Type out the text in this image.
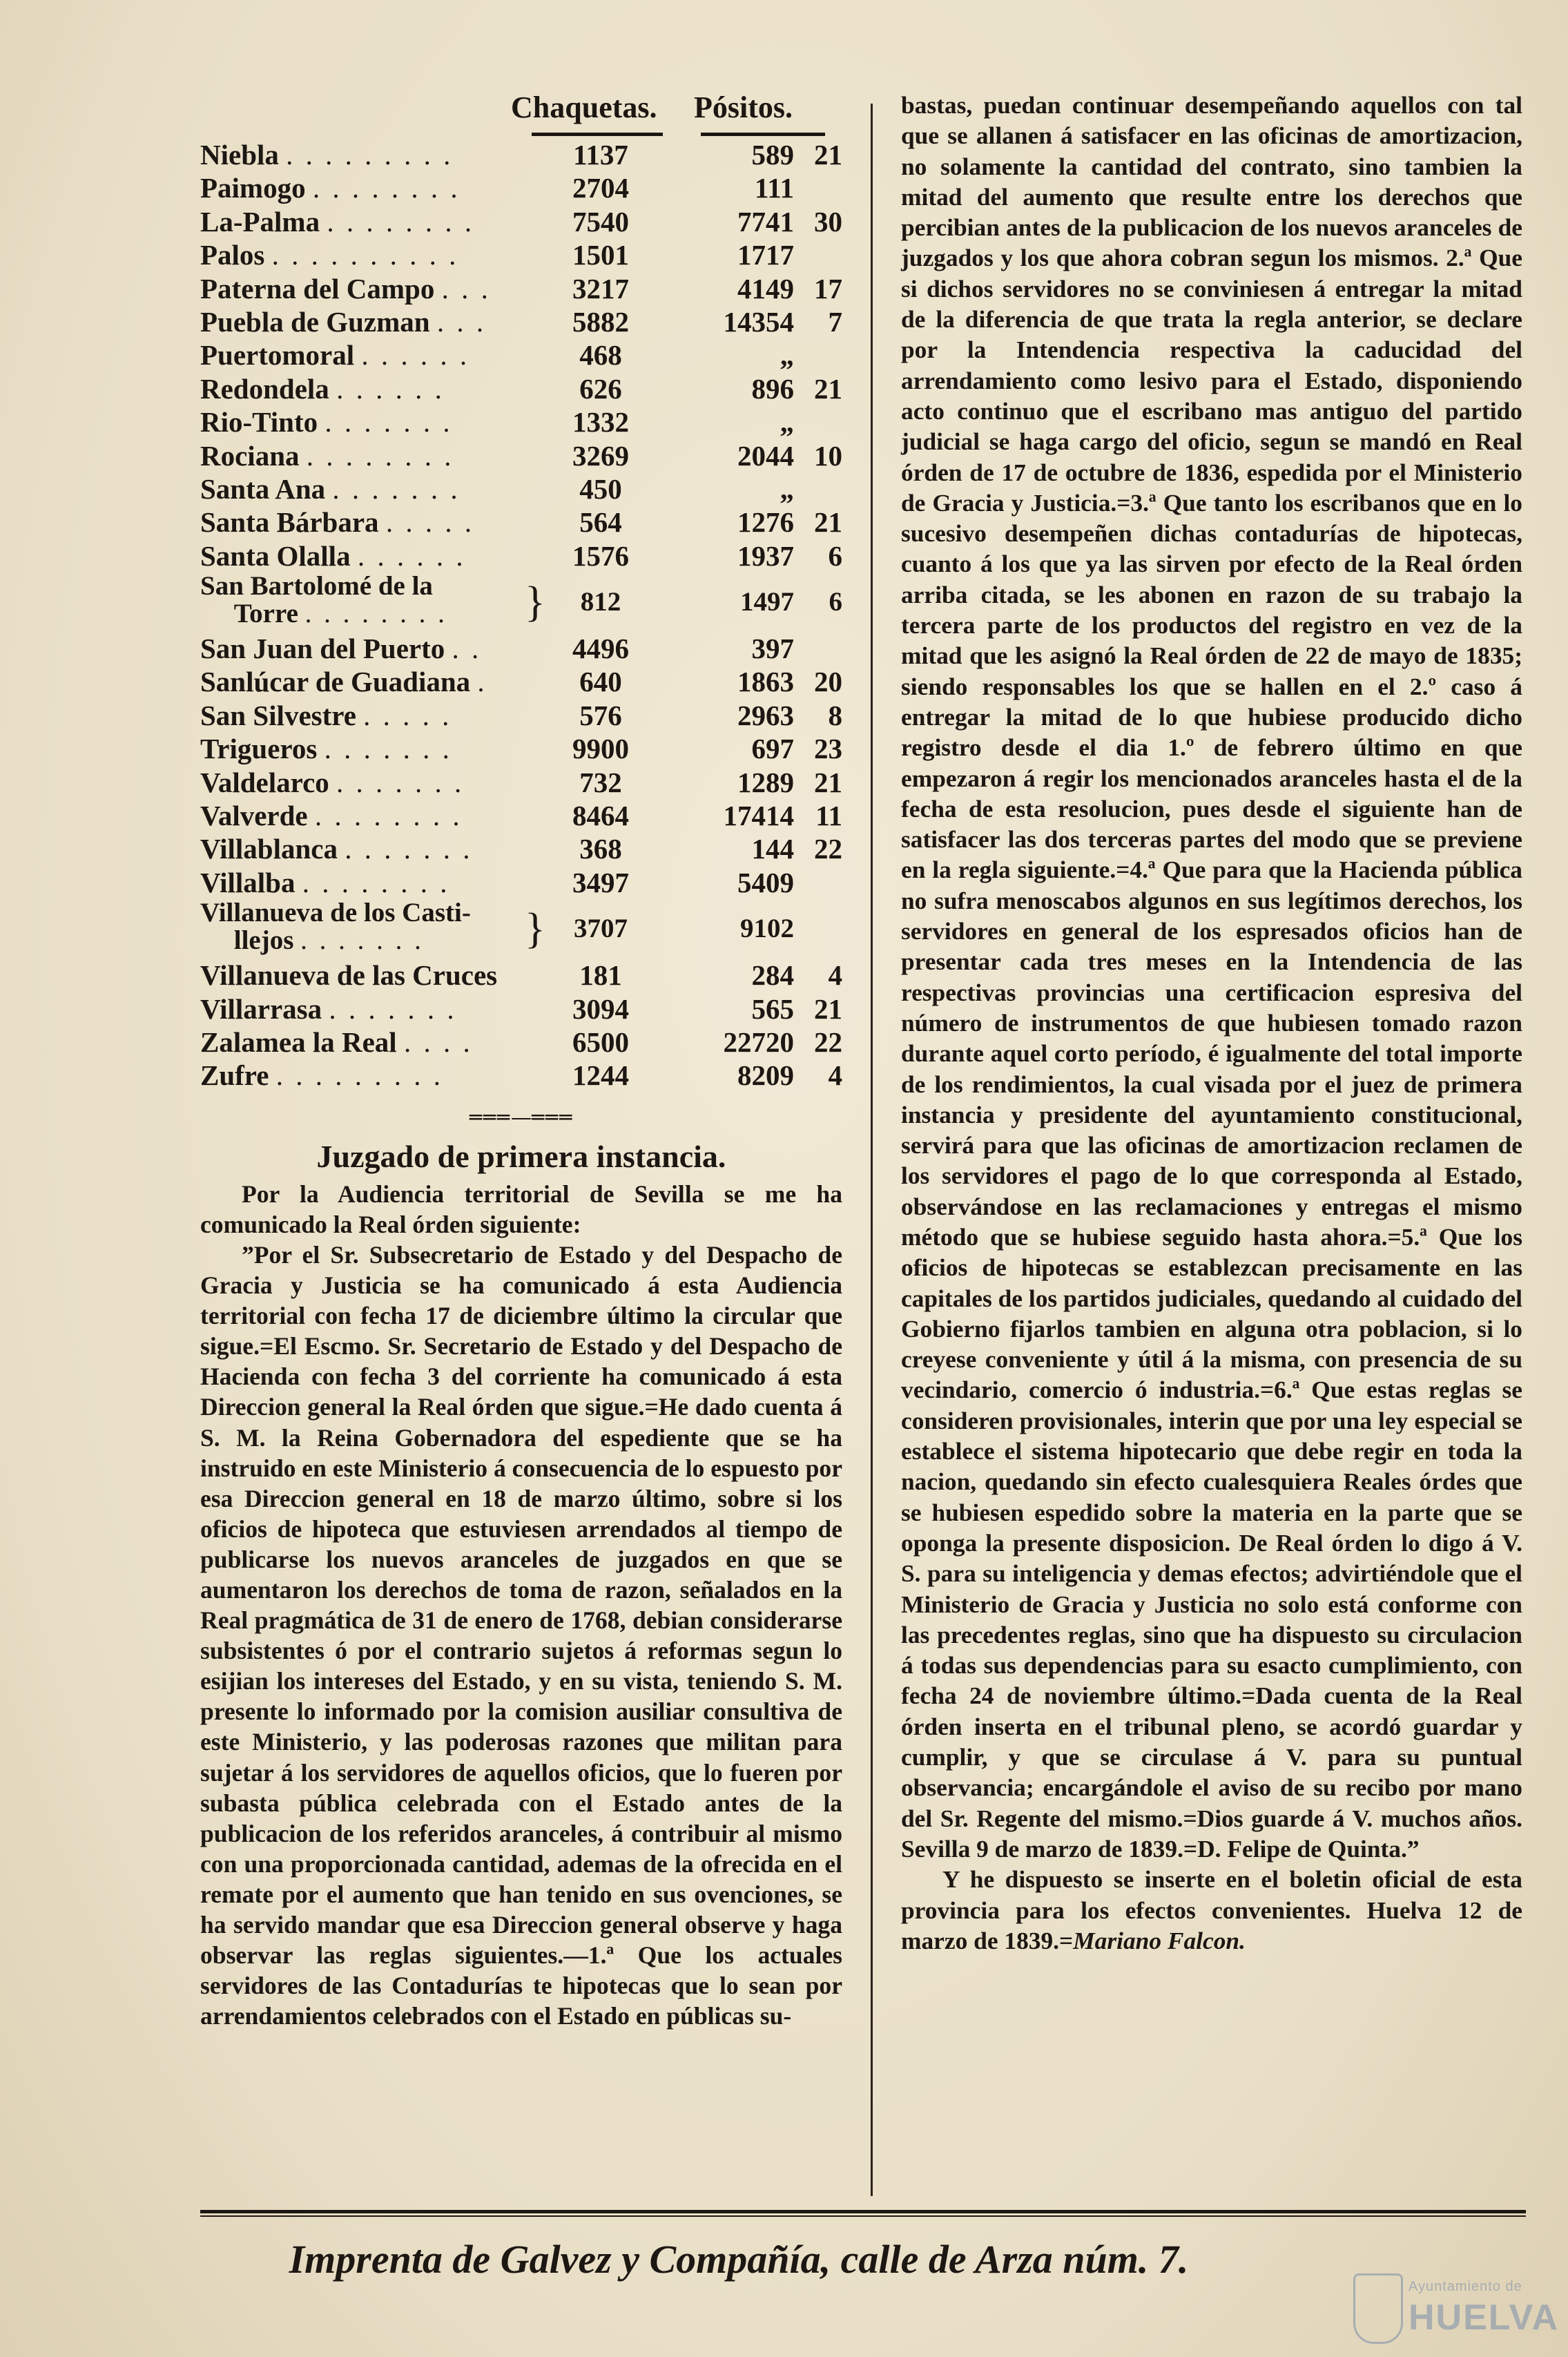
Chaquetas. Pósitos.
Niebla . . . . . . . . .	1137	589 21
Paimogo . . . . . . . .	2704	111
La-Palma . . . . . . . .	7540	7741 30
Palos . . . . . . . . . .	1501	1717
Paterna del Campo . . .	3217	4149 17
Puebla de Guzman . . .	5882	14354	7
Puertomoral . . . . . .	468	„
Redondela . . . . . .	626	896 21
Rio-Tinto . . . . . . .	1332	„
Rociana . . . . . . . .	3269	2044 10
Santa Ana . . . . . . .	450	„
Santa Bárbara . . . . .	564	1276 21
Santa Olalla . . . . . .	1576	1937	6
San Bartolomé de la
Torre . . . . . . . . }	812	1497	6
San Juan del Puerto . .	4496	397
Sanlúcar de Guadiana .	640	1863 20
San Silvestre . . . . .	576	2963	8
Trigueros . . . . . . .	9900	697 23
Valdelarco . . . . . . .	732	1289 21
Valverde . . . . . . . .	8464	17414 11
Villablanca . . . . . . .	368	144 22
Villalba . . . . . . . .	3497	5409
Villanueva de los Casti-
llejos . . . . . . .	}	3707	9102
Villanueva de las Cruces	181	284	4
Villarrasa . . . . . . .	3094	565 21
Zalamea la Real . . . .	6500	22720 22
Zufre . . . . . . . . .	1244	8209	4
═══—═══
Juzgado de primera instancia.

Por la Audiencia territorial de Sevilla se me ha comunicado la Real órden siguiente:

”Por el Sr. Subsecretario de Estado y del Despacho de Gracia y Justicia se ha comunicado á esta Audiencia territorial con fecha 17 de diciembre último la circular que sigue.=El Escmo. Sr. Secretario de Estado y del Despacho de Hacienda con fecha 3 del corriente ha comunicado á esta Direccion general la Real órden que sigue.=He dado cuenta á S. M. la Reina Gobernadora del espediente que se ha instruido en este Ministerio á consecuencia de lo espuesto por esa Direccion general en 18 de marzo último, sobre si los oficios de hipoteca que estuviesen arrendados al tiempo de publicarse los nuevos aranceles de juzgados en que se aumentaron los derechos de toma de razon, señalados en la Real pragmática de 31 de enero de 1768, debian considerarse subsistentes ó por el contrario sujetos á reformas segun lo esijian los intereses del Estado, y en su vista, teniendo S. M. presente lo informado por la comision ausiliar consultiva de este Ministerio, y las poderosas razones que militan para sujetar á los servidores de aquellos oficios, que lo fueren por subasta pública celebrada con el Estado antes de la publicacion de los referidos aranceles, á contribuir al mismo con una proporcionada cantidad, ademas de la ofrecida en el remate por el aumento que han tenido en sus ovenciones, se ha servido mandar que esa Direccion general observe y haga observar las reglas siguientes.—1.ª Que los actuales servidores de las Contadurías te hipotecas que lo sean por arrendamientos celebrados con el Estado en públicas su-

bastas, puedan continuar desempeñando aquellos con tal que se allanen á satisfacer en las oficinas de amortizacion, no solamente la cantidad del contrato, sino tambien la mitad del aumento que resulte entre los derechos que percibian antes de la publicacion de los nuevos aranceles de juzgados y los que ahora cobran segun los mismos. 2.ª Que si dichos servidores no se conviniesen á entregar la mitad de la diferencia de que trata la regla anterior, se declare por la Intendencia respectiva la caducidad del arrendamiento como lesivo para el Estado, disponiendo acto continuo que el escribano mas antiguo del partido judicial se haga cargo del oficio, segun se mandó en Real órden de 17 de octubre de 1836, espedida por el Ministerio de Gracia y Justicia.=3.ª Que tanto los escribanos que en lo sucesivo desempeñen dichas contadurías de hipotecas, cuanto á los que ya las sirven por efecto de la Real órden arriba citada, se les abonen en razon de su trabajo la tercera parte de los productos del registro en vez de la mitad que les asignó la Real órden de 22 de mayo de 1835; siendo responsables los que se hallen en el 2.º caso á entregar la mitad de lo que hubiese producido dicho registro desde el dia 1.º de febrero último en que empezaron á regir los mencionados aranceles hasta el de la fecha de esta resolucion, pues desde el siguiente han de satisfacer las dos terceras partes del modo que se previene en la regla siguiente.=4.ª Que para que la Hacienda pública no sufra menoscabos algunos en sus legítimos derechos, los servidores en general de los espresados oficios han de presentar cada tres meses en la Intendencia de las respectivas provincias una certificacion espresiva del número de instrumentos de que hubiesen tomado razon durante aquel corto período, é igualmente del total importe de los rendimientos, la cual visada por el juez de primera instancia y presidente del ayuntamiento constitucional, servirá para que las oficinas de amortizacion reclamen de los servidores el pago de lo que corresponda al Estado, observándose en las reclamaciones y entregas el mismo método que se hubiese seguido hasta ahora.=5.ª Que los oficios de hipotecas se establezcan precisamente en las capitales de los partidos judiciales, quedando al cuidado del Gobierno fijarlos tambien en alguna otra poblacion, si lo creyese conveniente y útil á la misma, con presencia de su vecindario, comercio ó industria.=6.ª Que estas reglas se consideren provisionales, interin que por una ley especial se establece el sistema hipotecario que debe regir en toda la nacion, quedando sin efecto cualesquiera Reales órdes que se hubiesen espedido sobre la materia en la parte que se oponga la presente disposicion. De Real órden lo digo á V. S. para su inteligencia y demas efectos; advirtiéndole que el Ministerio de Gracia y Justicia no solo está conforme con las precedentes reglas, sino que ha dispuesto su circulacion á todas sus dependencias para su esacto cumplimiento, con fecha 24 de noviembre último.=Dada cuenta de la Real órden inserta en el tribunal pleno, se acordó guardar y cumplir, y que se circulase á V. para su puntual observancia; encargándole el aviso de su recibo por mano del Sr. Regente del mismo.=Dios guarde á V. muchos años. Sevilla 9 de marzo de 1839.=D. Felipe de Quinta.”

Y he dispuesto se inserte en el boletin oficial de esta provincia para los efectos convenientes. Huelva 12 de marzo de 1839.=Mariano Falcon.

Imprenta de Galvez y Compañía, calle de Arza núm. 7.
Ayuntamiento de
HUELVA
